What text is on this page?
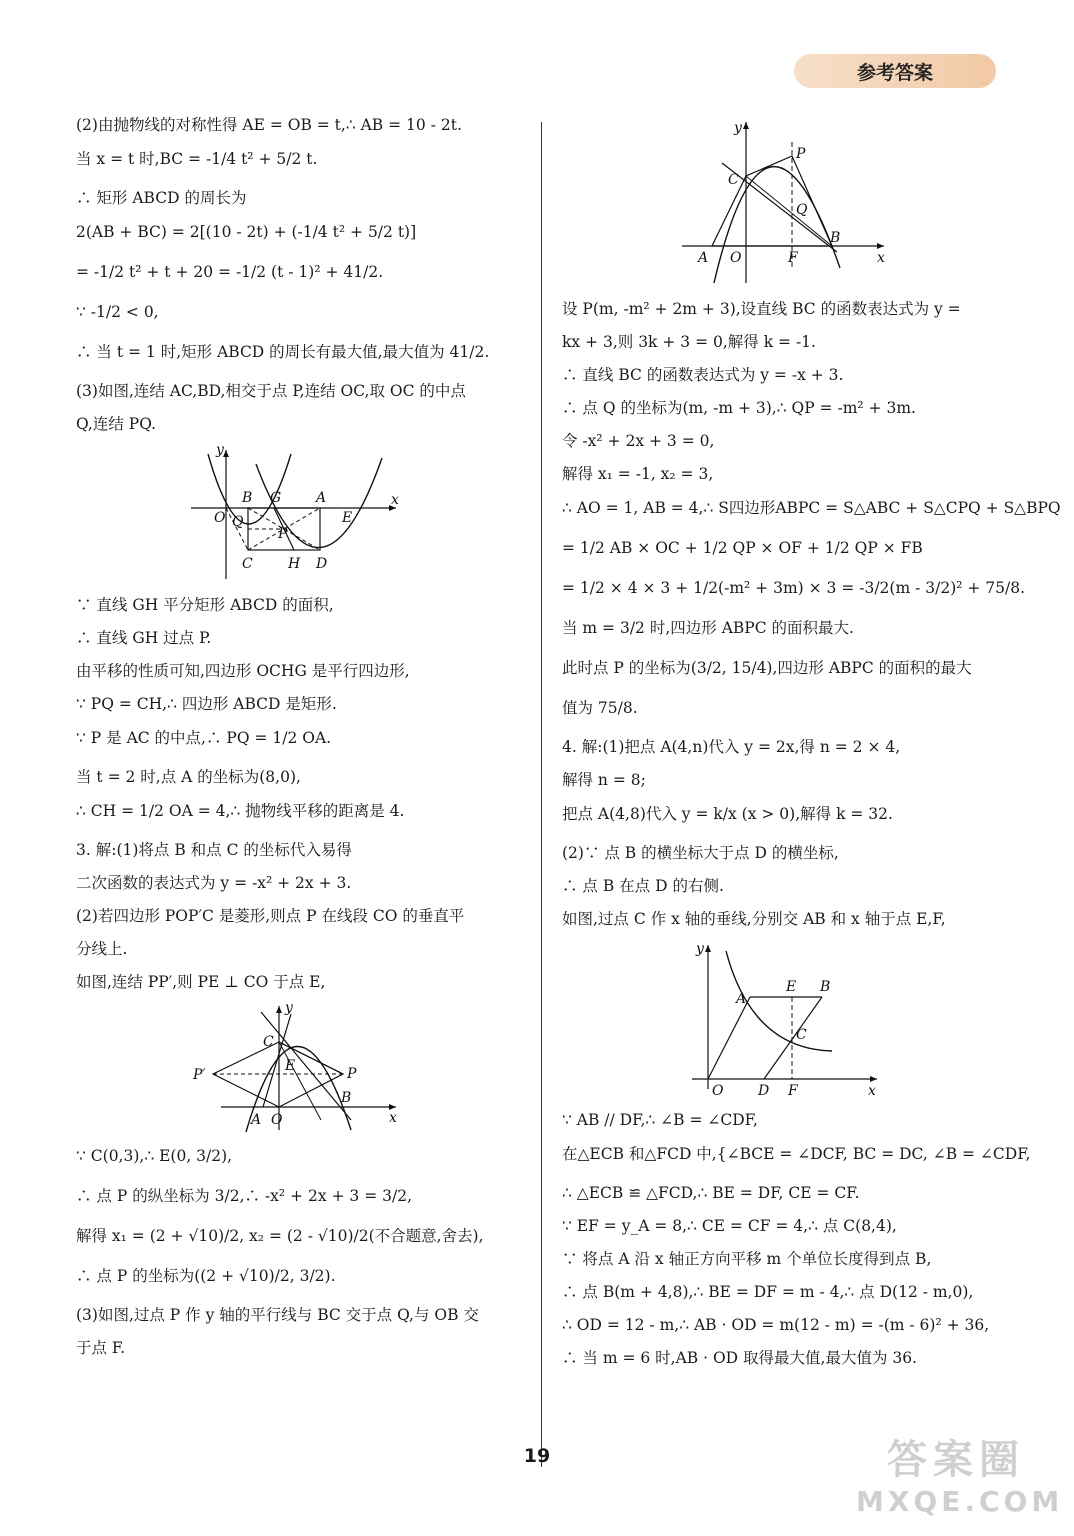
参考答案
(2)由抛物线的对称性得 AE = OB = t,∴ AB = 10 - 2t.
当 x = t 时,BC = -1/4 t² + 5/2 t.
∴ 矩形 ABCD 的周长为
2(AB + BC) = 2[(10 - 2t) + (-1/4 t² + 5/2 t)]
= -1/2 t² + t + 20 = -1/2 (t - 1)² + 41/2.
∵ -1/2 < 0,
∴ 当 t = 1 时,矩形 ABCD 的周长有最大值,最大值为 41/2.
(3)如图,连结 AC,BD,相交于点 P,连结 OC,取 OC 的中点
Q,连结 PQ.
y
x
O Q
B G A
E
P
C	H D
∵ 直线 GH 平分矩形 ABCD 的面积,
∴ 直线 GH 过点 P.
由平移的性质可知,四边形 OCHG 是平行四边形,
∵ PQ = CH,∴ 四边形 ABCD 是矩形.
∵ P 是 AC 的中点,∴ PQ = 1/2 OA.
当 t = 2 时,点 A 的坐标为(8,0),
∴ CH = 1/2 OA = 4,∴ 抛物线平移的距离是 4.
3. 解:(1)将点 B 和点 C 的坐标代入易得
二次函数的表达式为 y = -x² + 2x + 3.
(2)若四边形 POP′C 是菱形,则点 P 在线段 CO 的垂直平
分线上.
如图,连结 PP′,则 PE ⊥ CO 于点 E,
y
x
C
P′
E	P
B
A O
∵ C(0,3),∴ E(0, 3/2),
∴ 点 P 的纵坐标为 3/2,∴ -x² + 2x + 3 = 3/2,
解得 x₁ = (2 + √10)/2, x₂ = (2 - √10)/2(不合题意,舍去),
∴ 点 P 的坐标为((2 + √10)/2, 3/2).
(3)如图,过点 P 作 y 轴的平行线与 BC 交于点 Q,与 OB 交
于点 F.
y
x
C
P
Q
B
A O	F
设 P(m, -m² + 2m + 3),设直线 BC 的函数表达式为 y =
kx + 3,则 3k + 3 = 0,解得 k = -1.
∴ 直线 BC 的函数表达式为 y = -x + 3.
∴ 点 Q 的坐标为(m, -m + 3),∴ QP = -m² + 3m.
令 -x² + 2x + 3 = 0,
解得 x₁ = -1, x₂ = 3,
∴ AO = 1, AB = 4,∴ S四边形ABPC = S△ABC + S△CPQ + S△BPQ
= 1/2 AB × OC + 1/2 QP × OF + 1/2 QP × FB
= 1/2 × 4 × 3 + 1/2(-m² + 3m) × 3 = -3/2(m - 3/2)² + 75/8.
当 m = 3/2 时,四边形 ABPC 的面积最大.
此时点 P 的坐标为(3/2, 15/4),四边形 ABPC 的面积的最大
值为 75/8.
4. 解:(1)把点 A(4,n)代入 y = 2x,得 n = 2 × 4,
解得 n = 8;
把点 A(4,8)代入 y = k/x (x > 0),解得 k = 32.
(2)∵ 点 B 的横坐标大于点 D 的横坐标,
∴ 点 B 在点 D 的右侧.
如图,过点 C 作 x 轴的垂线,分别交 AB 和 x 轴于点 E,F,
y
x
A
E B
C
O D F
∵ AB // DF,∴ ∠B = ∠CDF,
在△ECB 和△FCD 中,{∠BCE = ∠DCF, BC = DC, ∠B = ∠CDF,
∴ △ECB ≌ △FCD,∴ BE = DF, CE = CF.
∵ EF = y_A = 8,∴ CE = CF = 4,∴ 点 C(8,4),
∵ 将点 A 沿 x 轴正方向平移 m 个单位长度得到点 B,
∴ 点 B(m + 4,8),∴ BE = DF = m - 4,∴ 点 D(12 - m,0),
∴ OD = 12 - m,∴ AB · OD = m(12 - m) = -(m - 6)² + 36,
∴ 当 m = 6 时,AB · OD 取得最大值,最大值为 36.
19	答案圈
MXQE.COM
